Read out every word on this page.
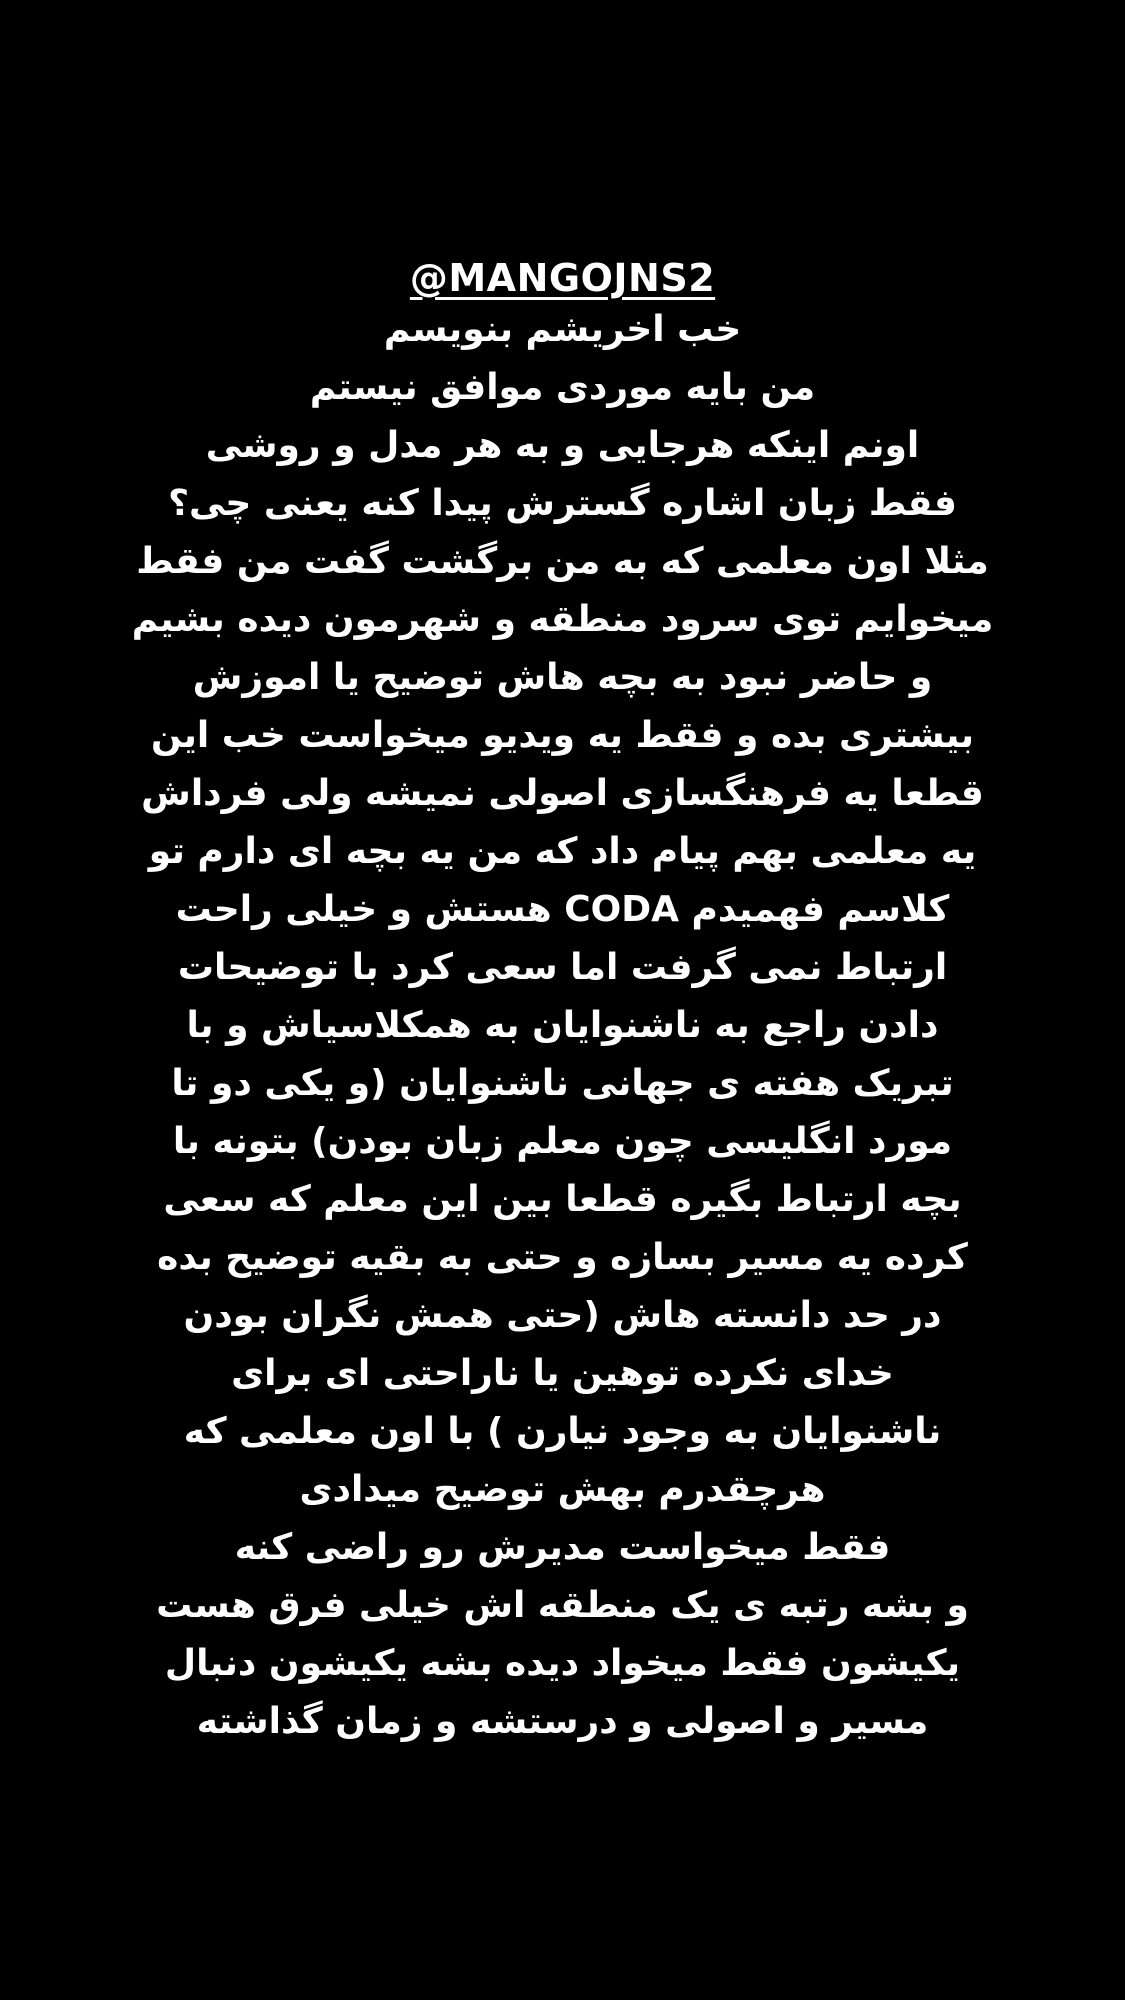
@MANGOJNS2
خب اخریشم بنویسم
من بایه موردی موافق نیستم
اونم اینکه هرجایی و به هر مدل و روشی
فقط زبان اشاره گسترش پیدا کنه یعنی چی؟
مثلا اون معلمی که به من برگشت گفت من فقط
میخوایم توی سرود منطقه و شهرمون دیده بشیم
و حاضر نبود به بچه هاش توضیح یا اموزش
بیشتری بده و فقط یه ویدیو میخواست خب این
قطعا یه فرهنگسازی اصولی نمیشه ولی فرداش
یه معلمی بهم پیام داد که من یه بچه ای دارم تو
کلاسم فهمیدم CODA هستش و خیلی راحت
ارتباط نمی گرفت اما سعی کرد با توضیحات
دادن راجع به ناشنوایان به همکلاسیاش و با
تبریک هفته ی جهانی ناشنوایان (و یکی دو تا
مورد انگلیسی چون معلم زبان بودن) بتونه با
بچه ارتباط بگیره قطعا بین این معلم که سعی
کرده یه مسیر بسازه و حتی به بقیه توضیح بده
در حد دانسته هاش (حتی همش نگران بودن
خدای نکرده توهین یا ناراحتی ای برای
ناشنوایان به وجود نیارن ) با اون معلمی که
هرچقدرم بهش توضیح میدادی
فقط میخواست مدیرش رو راضی کنه
و بشه رتبه ی یک منطقه اش خیلی فرق هست
یکیشون فقط میخواد دیده بشه یکیشون دنبال
مسیر و اصولی و درستشه و زمان گذاشته
